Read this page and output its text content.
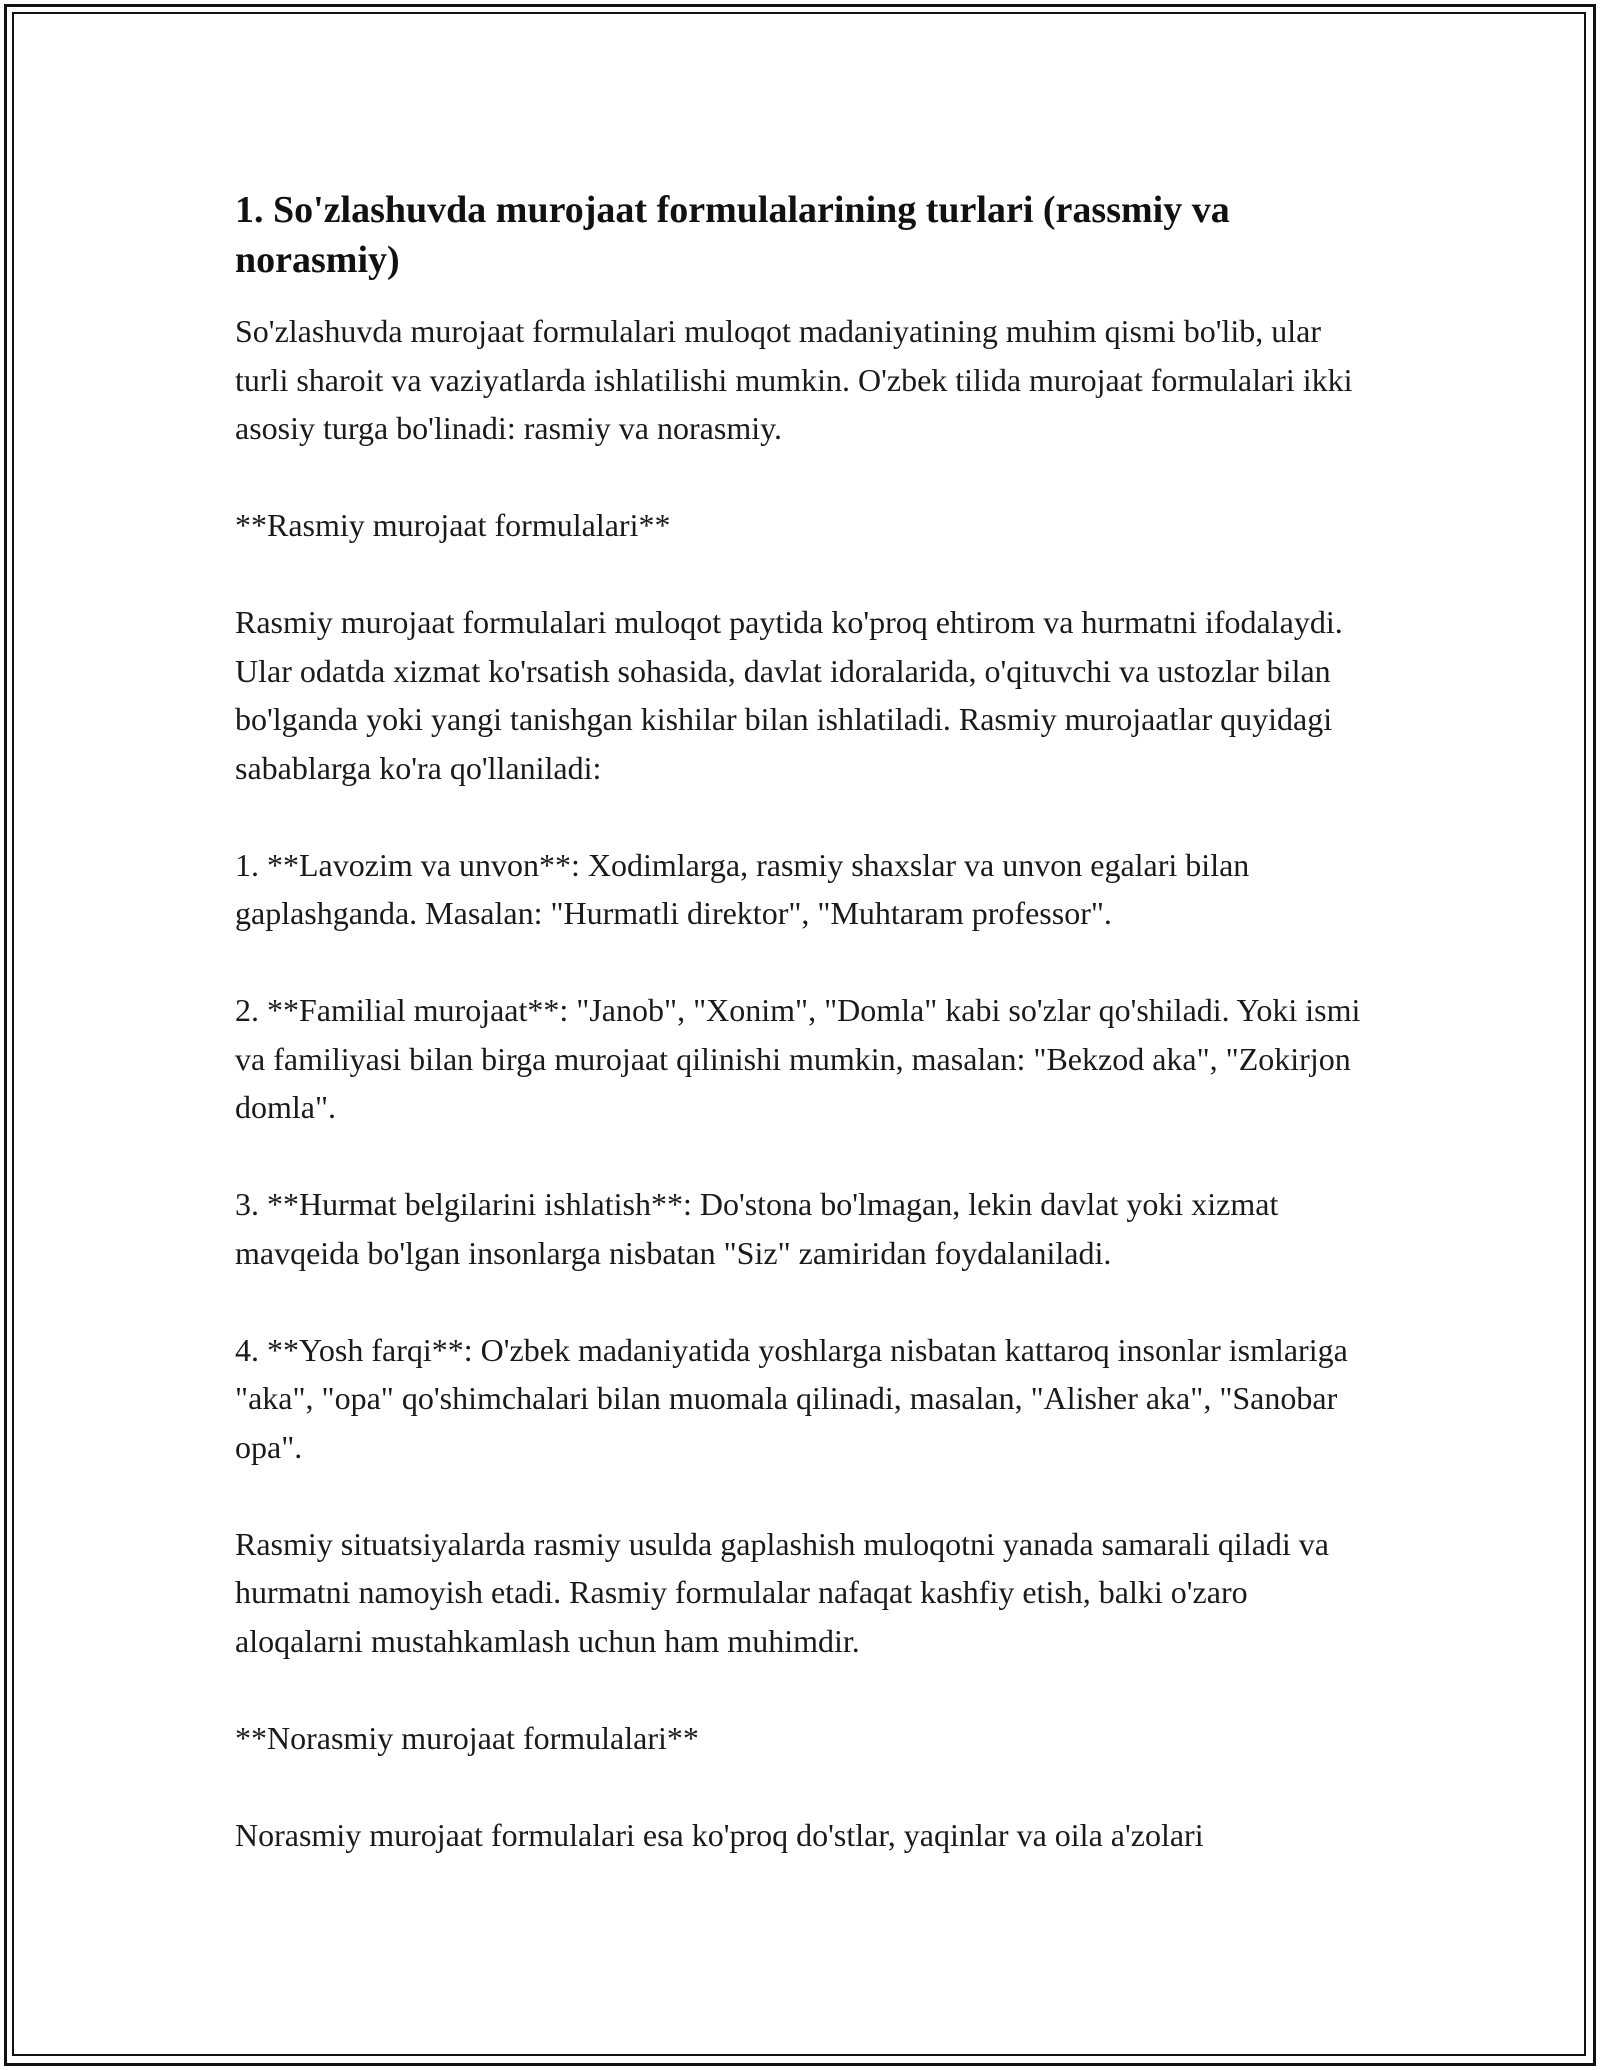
1. So'zlashuvda murojaat formulalarining turlari (rassmiy va norasmiy)

So'zlashuvda murojaat formulalari muloqot madaniyatining muhim qismi bo'lib, ular turli sharoit va vaziyatlarda ishlatilishi mumkin. O'zbek tilida murojaat formulalari ikki asosiy turga bo'linadi: rasmiy va norasmiy.

**Rasmiy murojaat formulalari**

Rasmiy murojaat formulalari muloqot paytida ko'proq ehtirom va hurmatni ifodalaydi. Ular odatda xizmat ko'rsatish sohasida, davlat idoralarida, o'qituvchi va ustozlar bilan bo'lganda yoki yangi tanishgan kishilar bilan ishlatiladi. Rasmiy murojaatlar quyidagi sabablarga ko'ra qo'llaniladi:

1. **Lavozim va unvon**: Xodimlarga, rasmiy shaxslar va unvon egalari bilan gaplashganda. Masalan: "Hurmatli direktor", "Muhtaram professor".

2. **Familial murojaat**: "Janob", "Xonim", "Domla" kabi so'zlar qo'shiladi. Yoki ismi va familiyasi bilan birga murojaat qilinishi mumkin, masalan: "Bekzod aka", "Zokirjon domla".

3. **Hurmat belgilarini ishlatish**: Do'stona bo'lmagan, lekin davlat yoki xizmat mavqeida bo'lgan insonlarga nisbatan "Siz" zamiridan foydalaniladi.

4. **Yosh farqi**: O'zbek madaniyatida yoshlarga nisbatan kattaroq insonlar ismlariga "aka", "opa" qo'shimchalari bilan muomala qilinadi, masalan, "Alisher aka", "Sanobar opa".

Rasmiy situatsiyalarda rasmiy usulda gaplashish muloqotni yanada samarali qiladi va hurmatni namoyish etadi. Rasmiy formulalar nafaqat kashfiy etish, balki o'zaro aloqalarni mustahkamlash uchun ham muhimdir.

**Norasmiy murojaat formulalari**

Norasmiy murojaat formulalari esa ko'proq do'stlar, yaqinlar va oila a'zolari
